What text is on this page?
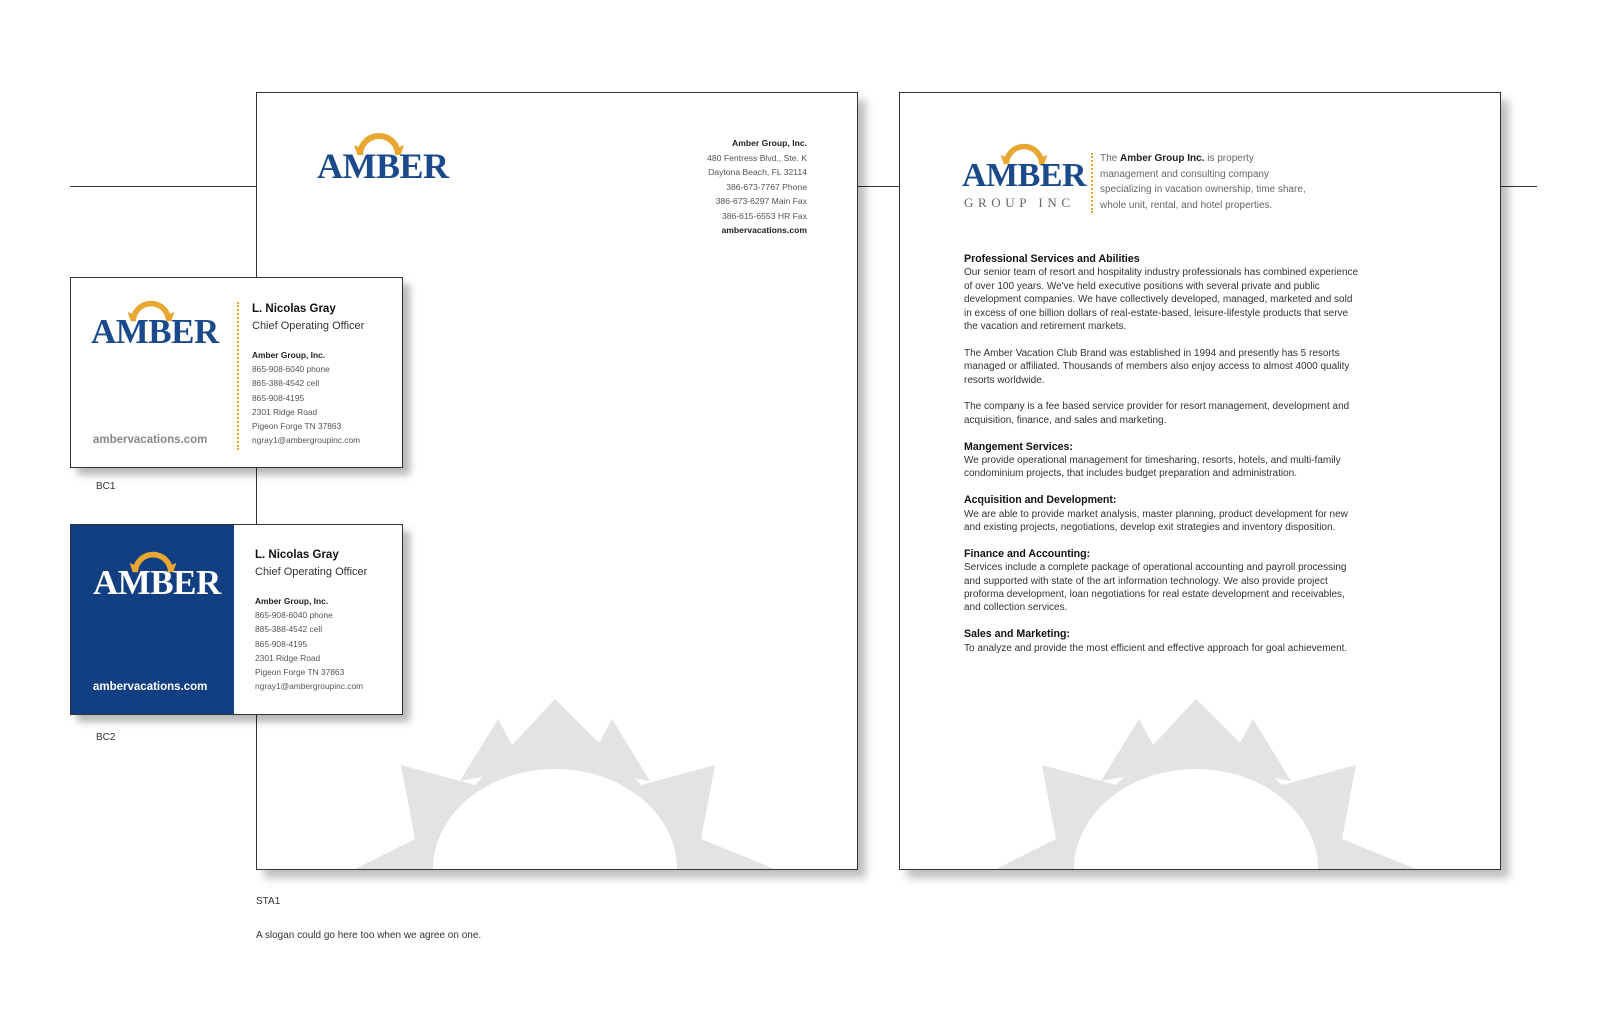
AMBER
Amber Group, Inc.
480 Fentress Blvd., Ste. K
Daytona Beach, FL 32114
386-673-7767 Phone
386-673-6297 Main Fax
386-615-6553 HR Fax
ambervacations.com
AMBER
GROUP INC
The Amber Group Inc. is property management and consulting company specializing in vacation ownership, time share, whole unit, rental, and hotel properties.
Professional Services and Abilities

Our senior team of resort and hospitality industry professionals has combined experience of over 100 years. We've held executive positions with several private and public development companies. We have collectively developed, managed, marketed and sold in excess of one billion dollars of real-estate-based, leisure-lifestyle products that serve the vacation and retirement markets.

The Amber Vacation Club Brand was established in 1994 and presently has 5 resorts managed or affiliated. Thousands of members also enjoy access to almost 4000 quality resorts worldwide.

The company is a fee based service provider for resort management, development and acquisition, finance, and sales and marketing.

Mangement Services:

We provide operational management for timesharing, resorts, hotels, and multi-family condominium projects, that includes budget preparation and administration.

Acquisition and Development:

We are able to provide market analysis, master planning, product development for new and existing projects, negotiations, develop exit strategies and inventory disposition.

Finance and Accounting:

Services include a complete package of operational accounting and payroll processing and supported with state of the art information technology. We also provide project proforma development, loan negotiations for real estate development and receivables, and collection services.

Sales and Marketing:

To analyze and provide the most efficient and effective approach for goal achievement.

AMBER
ambervacations.com
L. Nicolas Gray
Chief Operating Officer
Amber Group, Inc.
865-908-6040 phone
865-388-4542 cell
865-908-4195
2301 Ridge Road
Pigeon Forge TN 37863
ngray1@ambergroupinc.com
BC1
AMBER
ambervacations.com
L. Nicolas Gray
Chief Operating Officer
Amber Group, Inc.
865-908-6040 phone
885-388-4542 cell
865-908-4195
2301 Ridge Road
Pigeon Forge TN 37863
ngray1@ambergroupinc.com
BC2
STA1
A slogan could go here too when we agree on one.
